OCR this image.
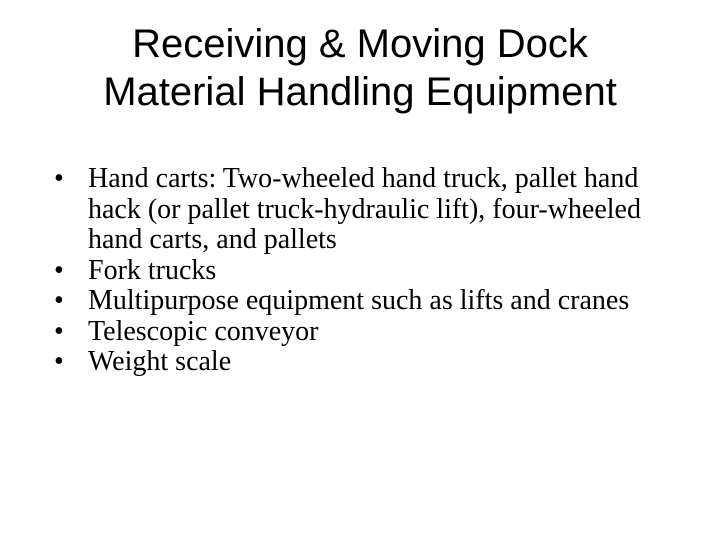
Receiving & Moving Dock
Material Handling Equipment
• Hand carts: Two-wheeled hand truck, pallet hand hack (or pallet truck-hydraulic lift), four-wheeled hand carts, and pallets
• Fork trucks
• Multipurpose equipment such as lifts and cranes
• Telescopic conveyor
• Weight scale
